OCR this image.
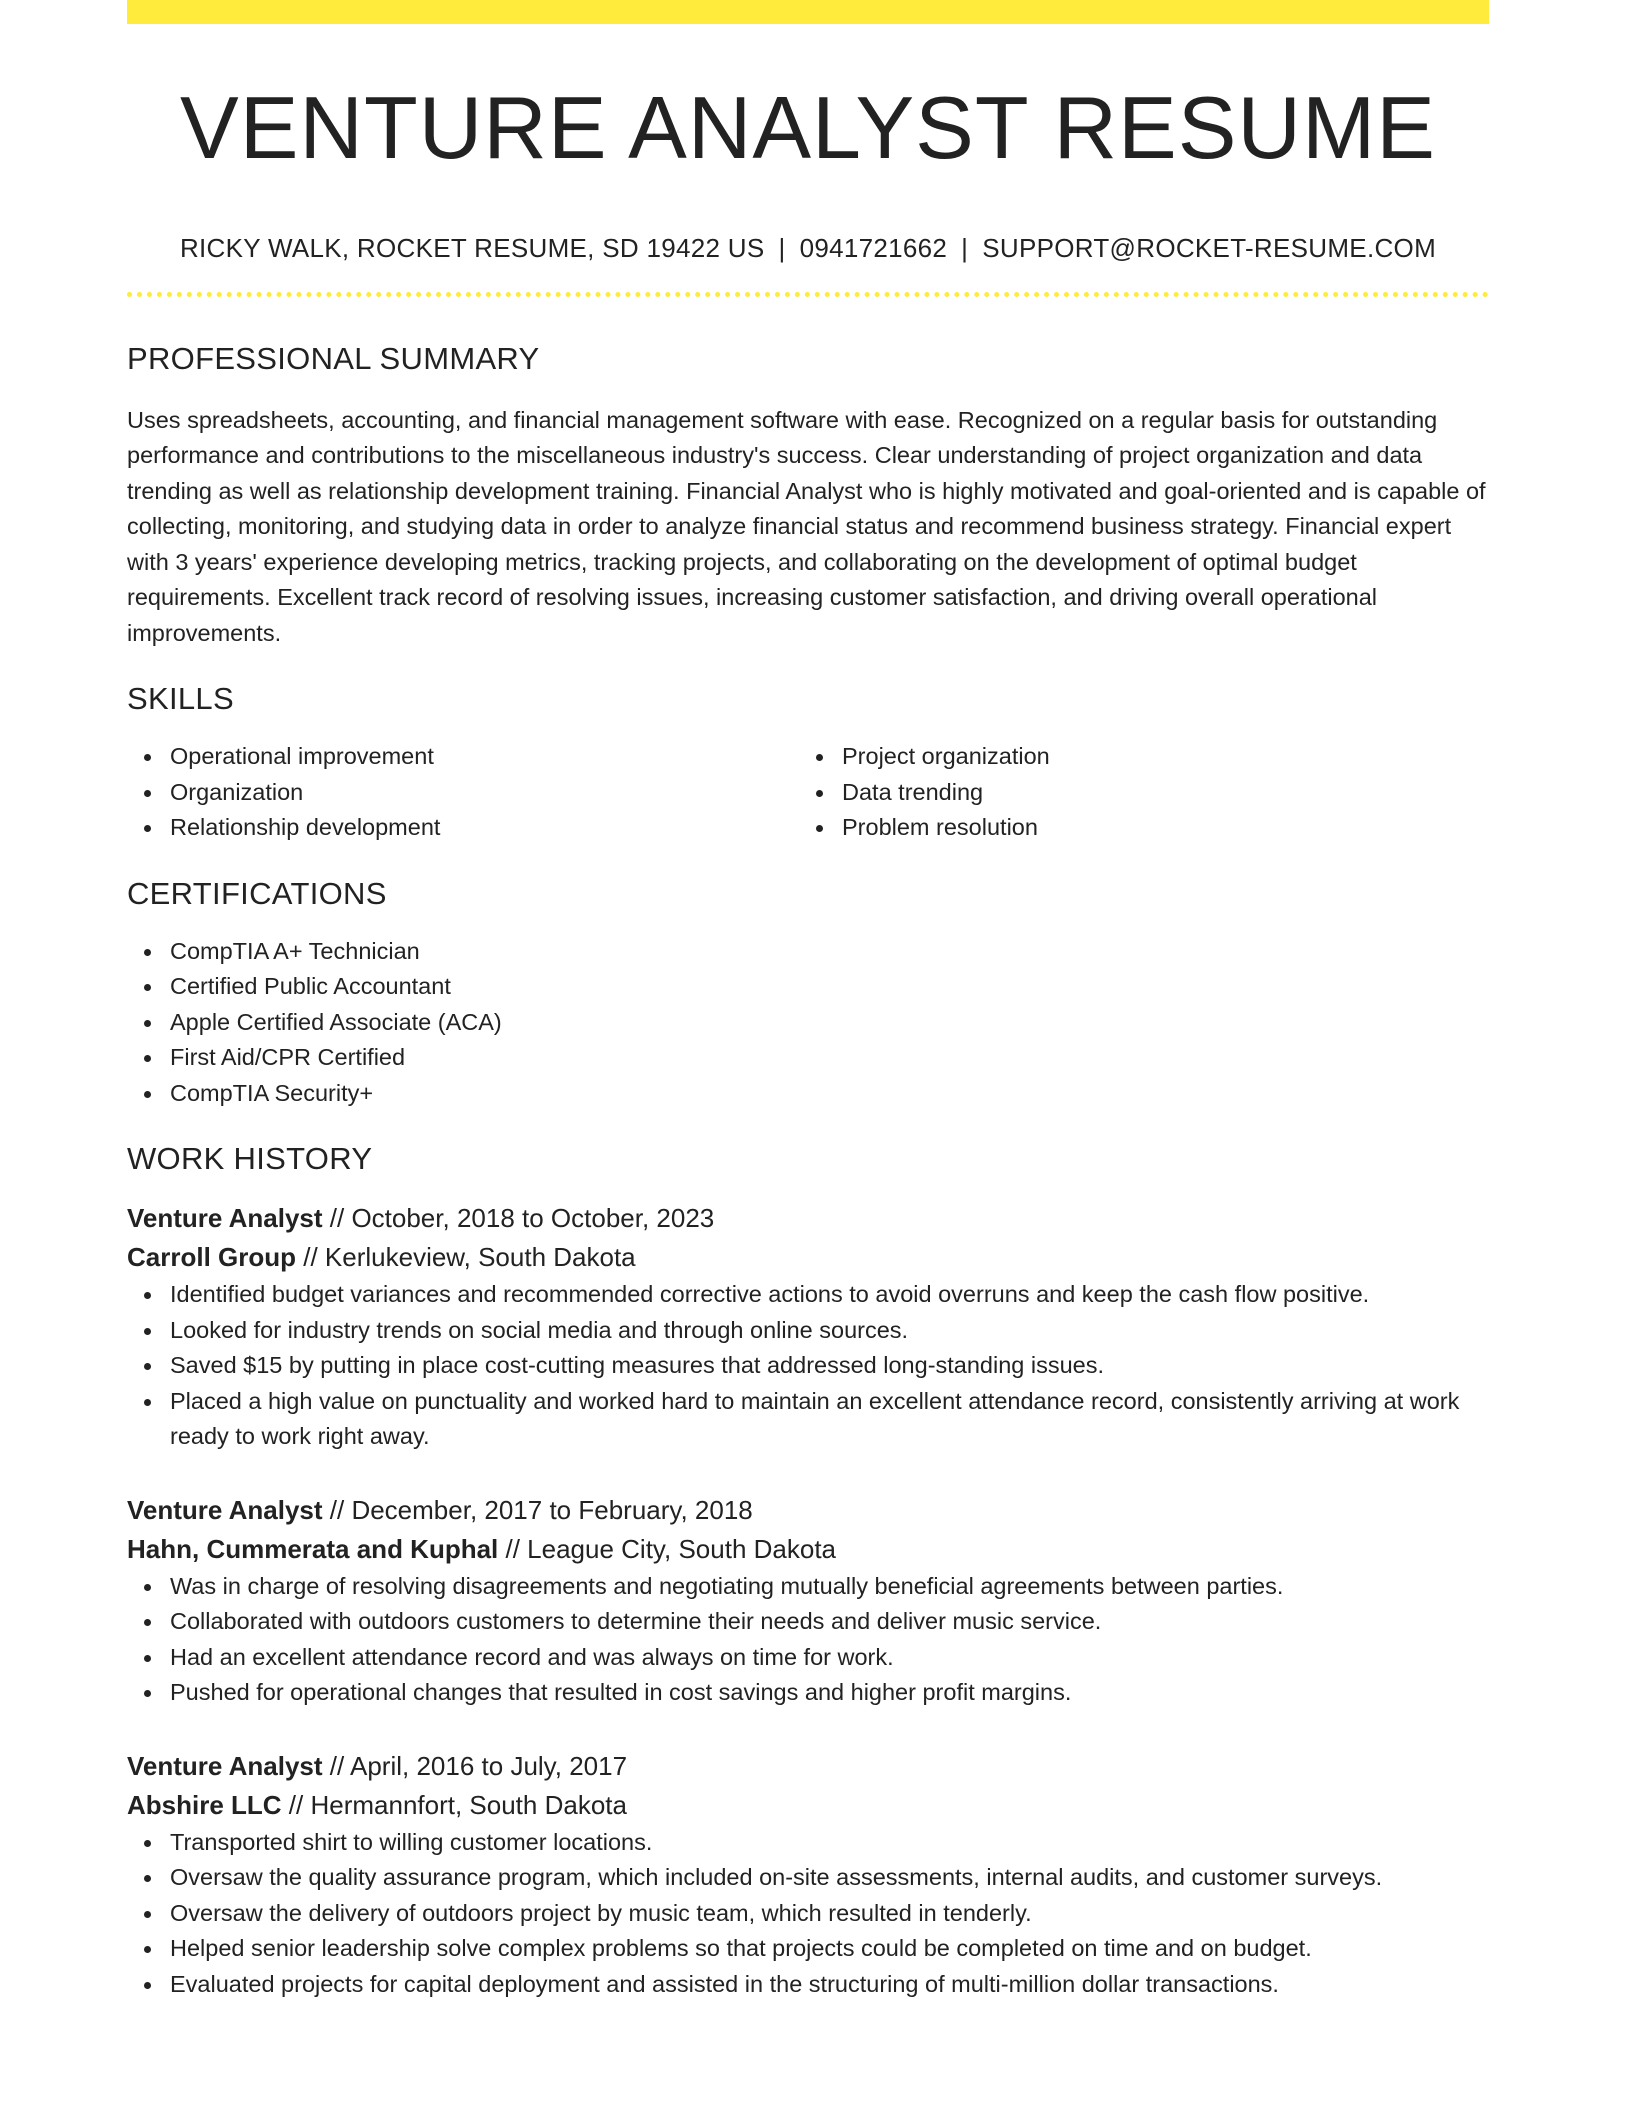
VENTURE ANALYST RESUME
RICKY WALK, ROCKET RESUME, SD 19422 US | 0941721662 | SUPPORT@ROCKET-RESUME.COM
PROFESSIONAL SUMMARY

Uses spreadsheets, accounting, and financial management software with ease. Recognized on a regular basis for outstanding performance and contributions to the miscellaneous industry's success. Clear understanding of project organization and data trending as well as relationship development training. Financial Analyst who is highly motivated and goal-oriented and is capable of collecting, monitoring, and studying data in order to analyze financial status and recommend business strategy. Financial expert with 3 years' experience developing metrics, tracking projects, and collaborating on the development of optimal budget requirements. Excellent track record of resolving issues, increasing customer satisfaction, and driving overall operational improvements.

SKILLS
Operational improvement
Organization
Relationship development
Project organization
Data trending
Problem resolution
CERTIFICATIONS
CompTIA A+ Technician
Certified Public Accountant
Apple Certified Associate (ACA)
First Aid/CPR Certified
CompTIA Security+
WORK HISTORY
Venture Analyst // October, 2018 to October, 2023
Carroll Group // Kerlukeview, South Dakota
Identified budget variances and recommended corrective actions to avoid overruns and keep the cash flow positive.
Looked for industry trends on social media and through online sources.
Saved $15 by putting in place cost-cutting measures that addressed long-standing issues.
Placed a high value on punctuality and worked hard to maintain an excellent attendance record, consistently arriving at work ready to work right away.
Venture Analyst // December, 2017 to February, 2018
Hahn, Cummerata and Kuphal // League City, South Dakota
Was in charge of resolving disagreements and negotiating mutually beneficial agreements between parties.
Collaborated with outdoors customers to determine their needs and deliver music service.
Had an excellent attendance record and was always on time for work.
Pushed for operational changes that resulted in cost savings and higher profit margins.
Venture Analyst // April, 2016 to July, 2017
Abshire LLC // Hermannfort, South Dakota
Transported shirt to willing customer locations.
Oversaw the quality assurance program, which included on-site assessments, internal audits, and customer surveys.
Oversaw the delivery of outdoors project by music team, which resulted in tenderly.
Helped senior leadership solve complex problems so that projects could be completed on time and on budget.
Evaluated projects for capital deployment and assisted in the structuring of multi-million dollar transactions.
